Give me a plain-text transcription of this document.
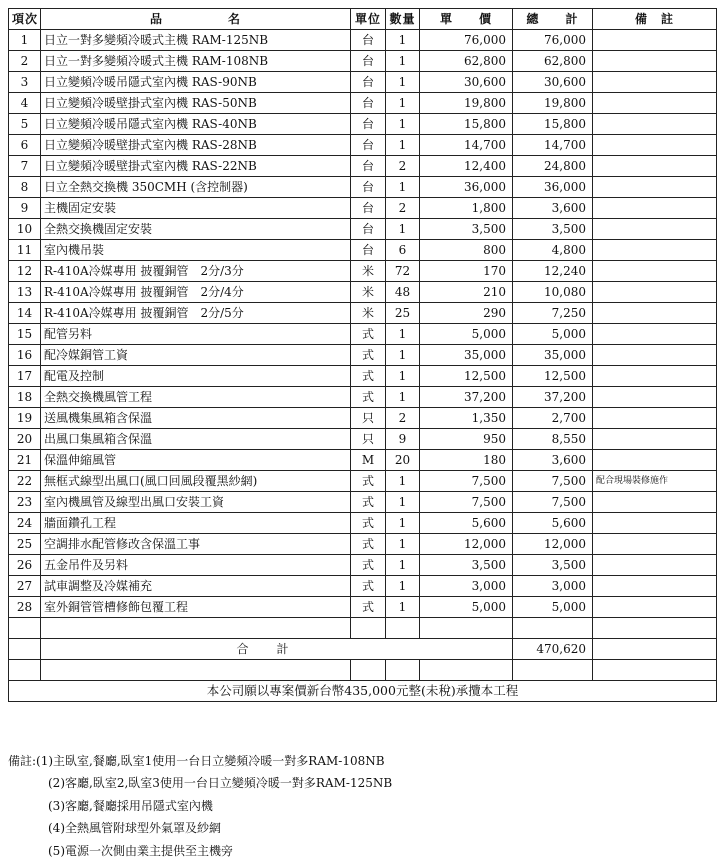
項次	品　　　　　名	單位	數量	單　　價	總　　計	備　註
1	日立一對多變頻冷暖式主機 RAM-125NB	台	1	76,000	76,000	
2	日立一對多變頻冷暖式主機 RAM-108NB	台	1	62,800	62,800	
3	日立變頻冷暖吊隱式室內機 RAS-90NB	台	1	30,600	30,600	
4	日立變頻冷暖壁掛式室內機 RAS-50NB	台	1	19,800	19,800	
5	日立變頻冷暖吊隱式室內機 RAS-40NB	台	1	15,800	15,800	
6	日立變頻冷暖壁掛式室內機 RAS-28NB	台	1	14,700	14,700	
7	日立變頻冷暖壁掛式室內機 RAS-22NB	台	2	12,400	24,800	
8	日立全熱交換機 350CMH (含控制器)	台	1	36,000	36,000	
9	主機固定安裝	台	2	1,800	3,600	
10	全熱交換機固定安裝	台	1	3,500	3,500	
11	室內機吊裝	台	6	800	4,800	
12	R-410A冷媒專用 披覆銅管　2分/3分	米	72	170	12,240	
13	R-410A冷媒專用 披覆銅管　2分/4分	米	48	210	10,080	
14	R-410A冷媒專用 披覆銅管　2分/5分	米	25	290	7,250	
15	配管另料	式	1	5,000	5,000	
16	配冷媒銅管工資	式	1	35,000	35,000	
17	配電及控制	式	1	12,500	12,500	
18	全熱交換機風管工程	式	1	37,200	37,200	
19	送風機集風箱含保溫	只	2	1,350	2,700	
20	出風口集風箱含保溫	只	9	950	8,550	
21	保溫伸縮風管	M	20	180	3,600	
22	無框式線型出風口(風口回風段覆黑紗網)	式	1	7,500	7,500	配合現場裝修施作
23	室內機風管及線型出風口安裝工資	式	1	7,500	7,500	
24	牆面鑽孔工程	式	1	5,600	5,600	
25	空調排水配管修改含保溫工事	式	1	12,000	12,000	
26	五金吊件及另料	式	1	3,500	3,500	
27	試車調整及冷媒補充	式	1	3,000	3,000	
28	室外銅管管槽修飾包覆工程	式	1	5,000	5,000	

	合計				470,620	

本公司願以專案價新台幣435,000元整(未稅)承攬本工程						
備註:(1)主臥室,餐廳,臥室1使用一台日立變頻冷暖一對多RAM-108NB
(2)客廳,臥室2,臥室3使用一台日立變頻冷暖一對多RAM-125NB
(3)客廳,餐廳採用吊隱式室內機
(4)全熱風管附球型外氣罩及紗網
(5)電源一次側由業主提供至主機旁
